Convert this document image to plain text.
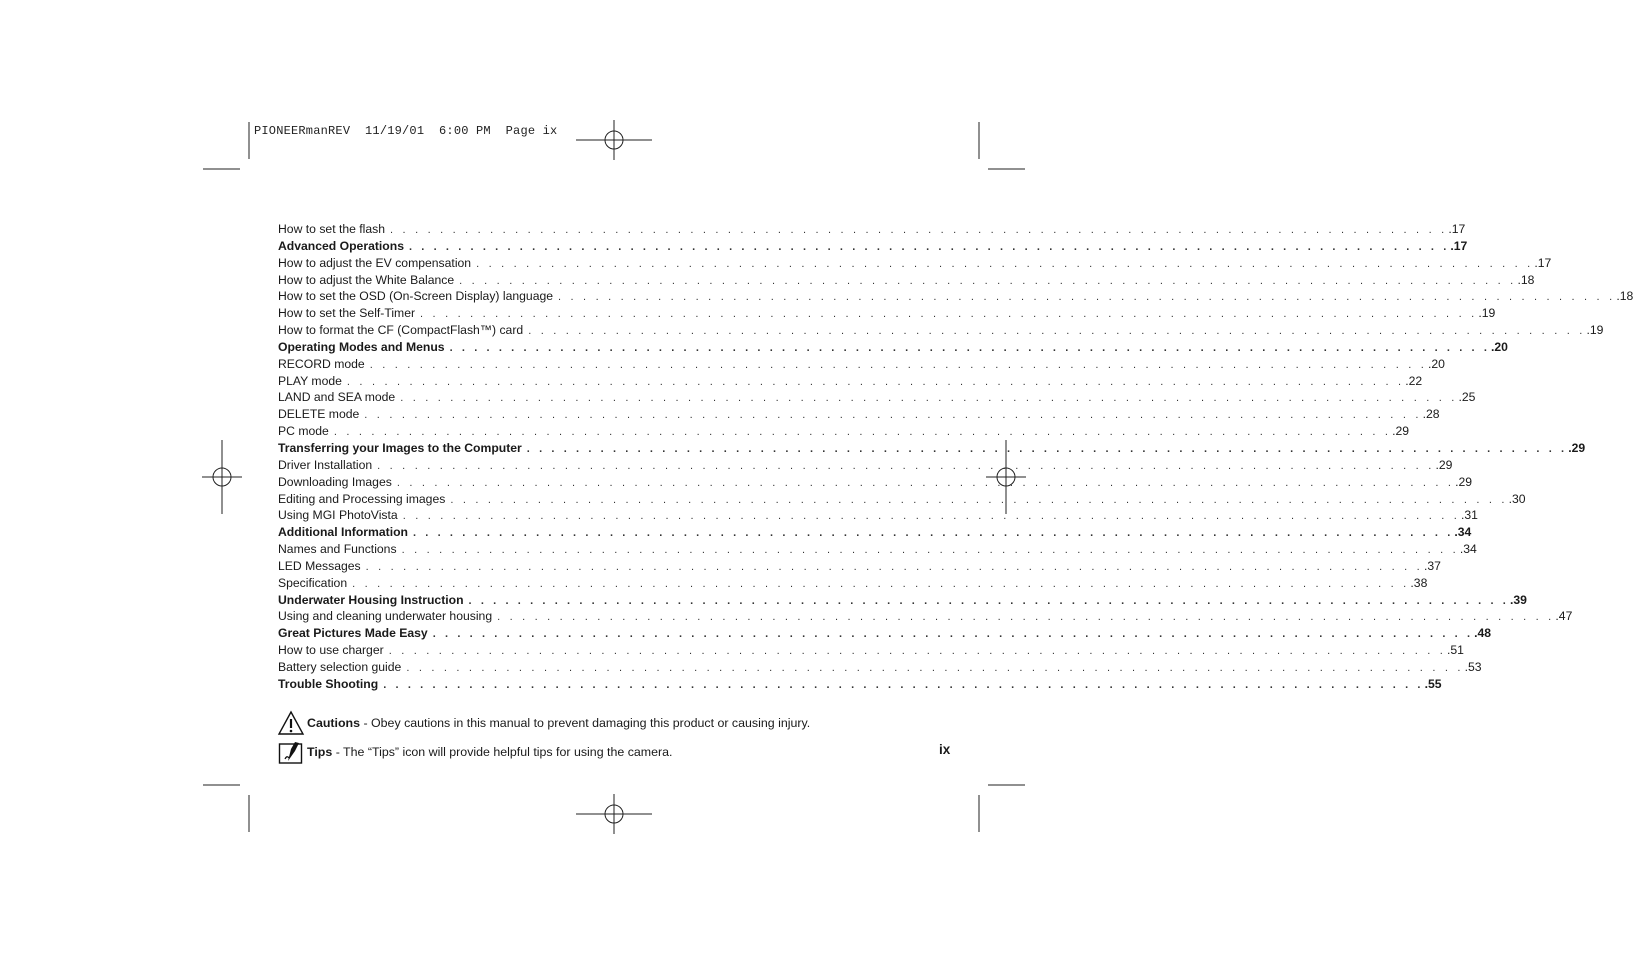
PIONEERmanREV  11/19/01  6:00 PM  Page ix
How to set the flash . . . . . . . . . . . . . . . . . . . . . . . . . . . . . . . . . . . . . . . . . . . . . . . . . . . . . . . . . . . . . . . . . . . . . . . . . . . . . . . . . . . . . .17
Advanced Operations . . . . . . . . . . . . . . . . . . . . . . . . . . . . . . . . . . . . . . . . . . . . . . . . . . . . . . . . . . . . . . . . . . . . . . . . . . . . . . . . . . . . . .17
How to adjust the EV compensation . . . . . . . . . . . . . . . . . . . . . . . . . . . . . . . . . . . . . . . . . . . . . . . . . . . . . . . . . . . . . . . . . . . . . . . . . . . . . . . . . . . . . .17
How to adjust the White Balance . . . . . . . . . . . . . . . . . . . . . . . . . . . . . . . . . . . . . . . . . . . . . . . . . . . . . . . . . . . . . . . . . . . . . . . . . . . . . . . . . . . . . .18
How to set the OSD (On-Screen Display) language . . . . . . . . . . . . . . . . . . . . . . . . . . . . . . . . . . . . . . . . . . . . . . . . . . . . . . . . . . . . . . . . . . . . . . . . . . . . . . . . . . . . . .18
How to set the Self-Timer . . . . . . . . . . . . . . . . . . . . . . . . . . . . . . . . . . . . . . . . . . . . . . . . . . . . . . . . . . . . . . . . . . . . . . . . . . . . . . . . . . . . . .19
How to format the CF (CompactFlash™) card . . . . . . . . . . . . . . . . . . . . . . . . . . . . . . . . . . . . . . . . . . . . . . . . . . . . . . . . . . . . . . . . . . . . . . . . . . . . . . . . . . . . . .19
Operating Modes and Menus . . . . . . . . . . . . . . . . . . . . . . . . . . . . . . . . . . . . . . . . . . . . . . . . . . . . . . . . . . . . . . . . . . . . . . . . . . . . . . . . . . . . . .20
RECORD mode . . . . . . . . . . . . . . . . . . . . . . . . . . . . . . . . . . . . . . . . . . . . . . . . . . . . . . . . . . . . . . . . . . . . . . . . . . . . . . . . . . . . . .20
PLAY mode . . . . . . . . . . . . . . . . . . . . . . . . . . . . . . . . . . . . . . . . . . . . . . . . . . . . . . . . . . . . . . . . . . . . . . . . . . . . . . . . . . . . . .22
LAND and SEA mode . . . . . . . . . . . . . . . . . . . . . . . . . . . . . . . . . . . . . . . . . . . . . . . . . . . . . . . . . . . . . . . . . . . . . . . . . . . . . . . . . . . . . .25
DELETE mode . . . . . . . . . . . . . . . . . . . . . . . . . . . . . . . . . . . . . . . . . . . . . . . . . . . . . . . . . . . . . . . . . . . . . . . . . . . . . . . . . . . . . .28
PC mode . . . . . . . . . . . . . . . . . . . . . . . . . . . . . . . . . . . . . . . . . . . . . . . . . . . . . . . . . . . . . . . . . . . . . . . . . . . . . . . . . . . . . .29
Transferring your Images to the Computer . . . . . . . . . . . . . . . . . . . . . . . . . . . . . . . . . . . . . . . . . . . . . . . . . . . . . . . . . . . . . . . . . . . . . . . . . . . . . . . . . . . . . .29
Driver Installation . . . . . . . . . . . . . . . . . . . . . . . . . . . . . . . . . . . . . . . . . . . . . . . . . . . . . . . . . . . . . . . . . . . . . . . . . . . . . . . . . . . . . .29
Downloading Images . . . . . . . . . . . . . . . . . . . . . . . . . . . . . . . . . . . . . . . . . . . . . . . . . . . . . . . . . . . . . . . . . . . . . . . . . . . . . . . . . . . . . .29
Editing and Processing images . . . . . . . . . . . . . . . . . . . . . . . . . . . . . . . . . . . . . . . . . . . . . . . . . . . . . . . . . . . . . . . . . . . . . . . . . . . . . . . . . . . . . .30
Using MGI PhotoVista . . . . . . . . . . . . . . . . . . . . . . . . . . . . . . . . . . . . . . . . . . . . . . . . . . . . . . . . . . . . . . . . . . . . . . . . . . . . . . . . . . . . . .31
Additional Information . . . . . . . . . . . . . . . . . . . . . . . . . . . . . . . . . . . . . . . . . . . . . . . . . . . . . . . . . . . . . . . . . . . . . . . . . . . . . . . . . . . . . .34
Names and Functions . . . . . . . . . . . . . . . . . . . . . . . . . . . . . . . . . . . . . . . . . . . . . . . . . . . . . . . . . . . . . . . . . . . . . . . . . . . . . . . . . . . . . .34
LED Messages . . . . . . . . . . . . . . . . . . . . . . . . . . . . . . . . . . . . . . . . . . . . . . . . . . . . . . . . . . . . . . . . . . . . . . . . . . . . . . . . . . . . . .37
Specification . . . . . . . . . . . . . . . . . . . . . . . . . . . . . . . . . . . . . . . . . . . . . . . . . . . . . . . . . . . . . . . . . . . . . . . . . . . . . . . . . . . . . .38
Underwater Housing Instruction . . . . . . . . . . . . . . . . . . . . . . . . . . . . . . . . . . . . . . . . . . . . . . . . . . . . . . . . . . . . . . . . . . . . . . . . . . . . . . . . . . . . . .39
Using and cleaning underwater housing . . . . . . . . . . . . . . . . . . . . . . . . . . . . . . . . . . . . . . . . . . . . . . . . . . . . . . . . . . . . . . . . . . . . . . . . . . . . . . . . . . . . . .47
Great Pictures Made Easy . . . . . . . . . . . . . . . . . . . . . . . . . . . . . . . . . . . . . . . . . . . . . . . . . . . . . . . . . . . . . . . . . . . . . . . . . . . . . . . . . . . . . .48
How to use charger . . . . . . . . . . . . . . . . . . . . . . . . . . . . . . . . . . . . . . . . . . . . . . . . . . . . . . . . . . . . . . . . . . . . . . . . . . . . . . . . . . . . . .51
Battery selection guide . . . . . . . . . . . . . . . . . . . . . . . . . . . . . . . . . . . . . . . . . . . . . . . . . . . . . . . . . . . . . . . . . . . . . . . . . . . . . . . . . . . . . .53
Trouble Shooting . . . . . . . . . . . . . . . . . . . . . . . . . . . . . . . . . . . . . . . . . . . . . . . . . . . . . . . . . . . . . . . . . . . . . . . . . . . . . . . . . . . . . .55
Cautions - Obey cautions in this manual to prevent damaging this product or causing injury.
Tips - The “Tips” icon will provide helpful tips for using the camera.	ix
